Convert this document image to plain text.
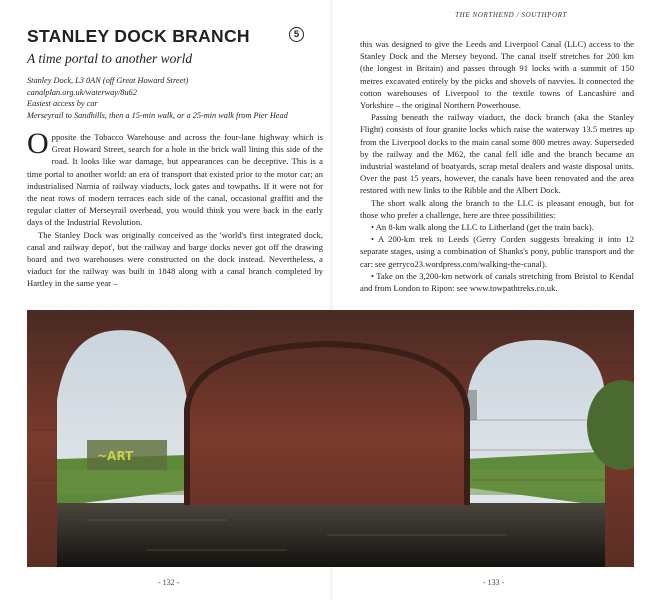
THE NORTHEND / SOUTHPORT
STANLEY DOCK BRANCH	5
A time portal to another world
Stanley Dock, L3 0AN (off Great Howard Street)
canalplan.org.uk/waterway/8u62
Easiest access by car
Merseyrail to Sandhills, then a 15-min walk, or a 25-min walk from Pier Head

Opposite the Tobacco Warehouse and across the four-lane highway which is Great Howard Street, search for a hole in the brick wall lining this side of the road. It looks like war damage, but appearances can be deceptive. This is a time portal to another world: an era of transport that existed prior to the motor car; an industrialised Narnia of railway viaducts, lock gates and towpaths. If it were not for the neat rows of modern terraces each side of the canal, occasional graffiti and the regular clatter of Merseyrail overhead, you would think you were back in the early days of the Industrial Revolution.

The Stanley Dock was originally conceived as the 'world's first integrated dock, canal and railway depot', but the railway and barge docks never got off the drawing board and two warehouses were constructed on the dock instead. Nevertheless, a viaduct for the railway was built in 1848 along with a canal branch completed by Hartley in the same year –

this was designed to give the Leeds and Liverpool Canal (LLC) access to the Stanley Dock and the Mersey beyond. The canal itself stretches for 200 km (the longest in Britain) and passes through 91 locks with a summit of 150 metres excavated entirely by the picks and shovels of navvies. It connected the cotton warehouses of Liverpool to the textile towns of Lancashire and Yorkshire – the original Northern Powerhouse.

Passing beneath the railway viaduct, the dock branch (aka the Stanley Flight) consists of four granite locks which raise the waterway 13.5 metres up from the Liverpool docks to the main canal some 800 metres away. Superseded by the railway and the M62, the canal fell idle and the branch became an industrial wasteland of boatyards, scrap metal dealers and waste disposal units. Over the past 15 years, however, the canals have been renovated and the area restored with new links to the Ribble and the Albert Dock.

The short walk along the branch to the LLC is pleasant enough, but for those who prefer a challenge, here are three possibilities:

• An 8-km walk along the LLC to Litherland (get the train back).

• A 200-km trek to Leeds (Gerry Corden suggests breaking it into 12 separate stages, using a combination of Shanks's pony, public transport and the car: see gerryco23.wordpress.com/walking-the-canal).

• Take on the 3,200-km network of canals stretching from Bristol to Kendal and from London to Ripon: see www.towpathtreks.co.uk.

~ART
- 132 -	- 133 -
